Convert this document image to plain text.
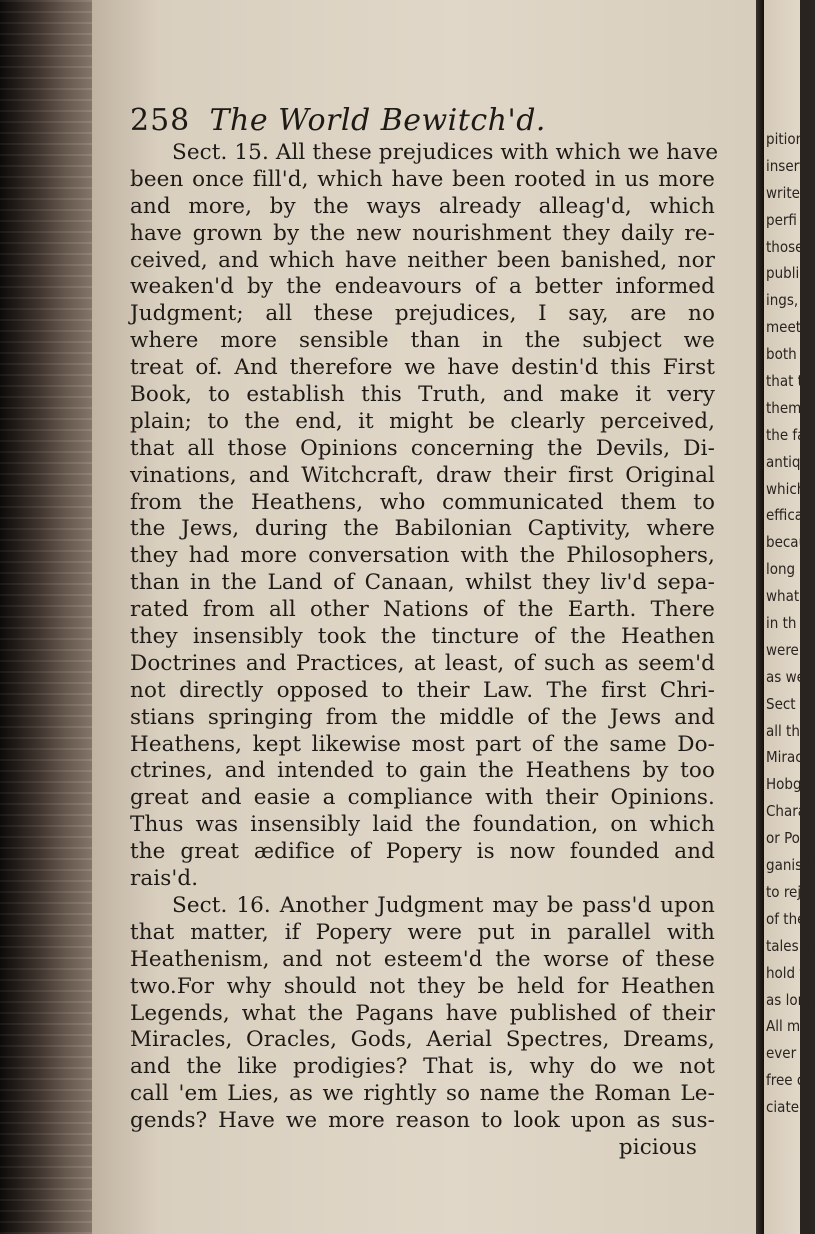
258 The World Bewitch'd.
Sect. 15. All these prejudices with which we have
been once fill'd, which have been rooted in us more
and more, by the ways already alleag'd, which
have grown by the new nourishment they daily re-
ceived, and which have neither been banished, nor
weaken'd by the endeavours of a better informed
Judgment; all these prejudices, I say, are no
where more sensible than in the subject we
treat of. And therefore we have destin'd this First
Book, to establish this Truth, and make it very
plain; to the end, it might be clearly perceived,
that all those Opinions concerning the Devils, Di-
vinations, and Witchcraft, draw their first Original
from the Heathens, who communicated them to
the Jews, during the Babilonian Captivity, where
they had more conversation with the Philosophers,
than in the Land of Canaan, whilst they liv'd sepa-
rated from all other Nations of the Earth. There
they insensibly took the tincture of the Heathen
Doctrines and Practices, at least, of such as seem'd
not directly opposed to their Law. The first Chri-
stians springing from the middle of the Jews and
Heathens, kept likewise most part of the same Do-
ctrines, and intended to gain the Heathens by too
great and easie a compliance with their Opinions.
Thus was insensibly laid the foundation, on which
the great ædifice of Popery is now founded and
rais'd.
Sect. 16. Another Judgment may be pass'd upon
that matter, if Popery were put in parallel with
Heathenism, and not esteem'd the worse of these
two.For why should not they be held for Heathen
Legends, what the Pagans have published of their
Miracles, Oracles, Gods, Aerial Spectres, Dreams,
and the like prodigies? That is, why do we not
call 'em Lies, as we rightly so name the Roman Le-
gends? Have we more reason to look upon as sus-
picious
pition
insert
write
perfi
those
publi
ings,
meet
both t
that t
them,
the fa
antiq
which
efficac
becaus
long
what
in th
were
as wel
Sect
all th
Mirac
Hobg
Chara
or Po
ganism
to reje
of the
tales a
hold t
as long
All m
ever it
free o
ciate S
